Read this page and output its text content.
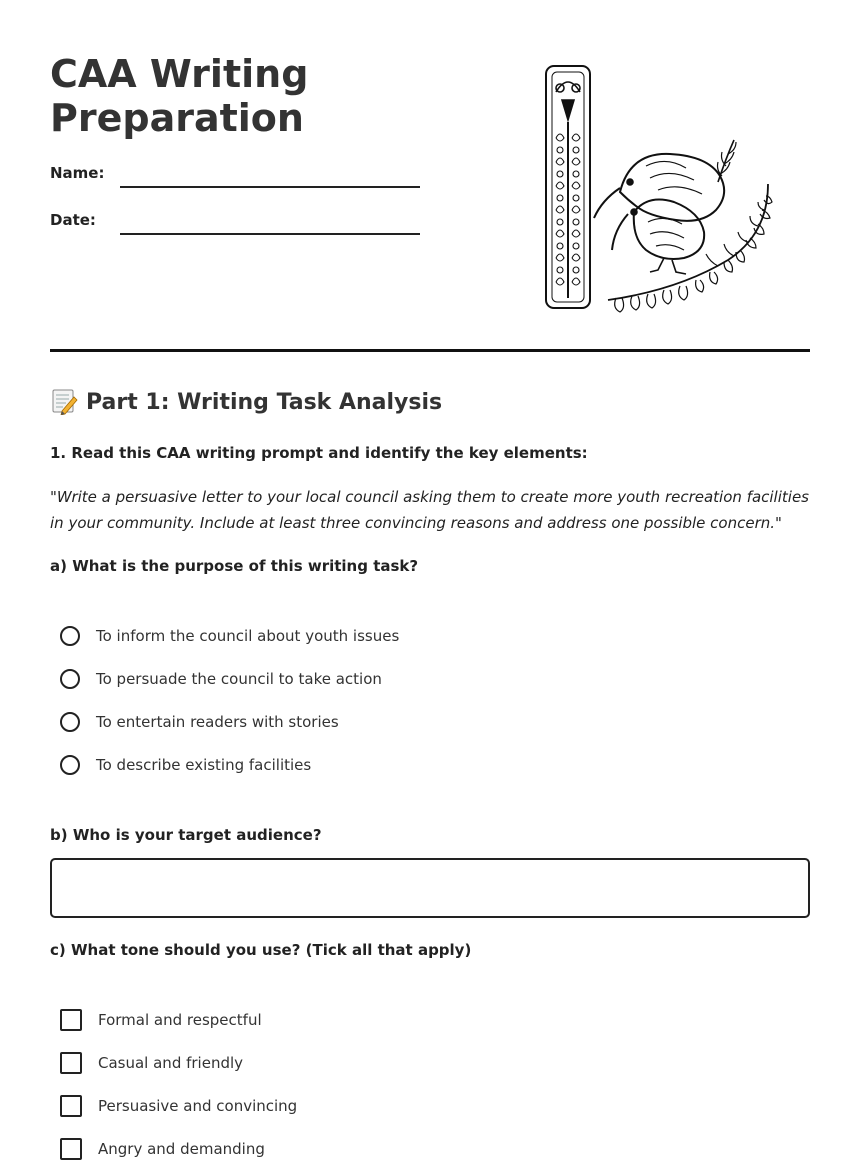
CAA Writing Preparation
Name:
Date:
Part 1: Writing Task Analysis
1. Read this CAA writing prompt and identify the key elements:
"Write a persuasive letter to your local council asking them to create more youth recreation facilities in your community. Include at least three convincing reasons and address one possible concern."
a) What is the purpose of this writing task?
To inform the council about youth issues
To persuade the council to take action
To entertain readers with stories
To describe existing facilities
b) Who is your target audience?
c) What tone should you use? (Tick all that apply)
Formal and respectful
Casual and friendly
Persuasive and convincing
Angry and demanding
